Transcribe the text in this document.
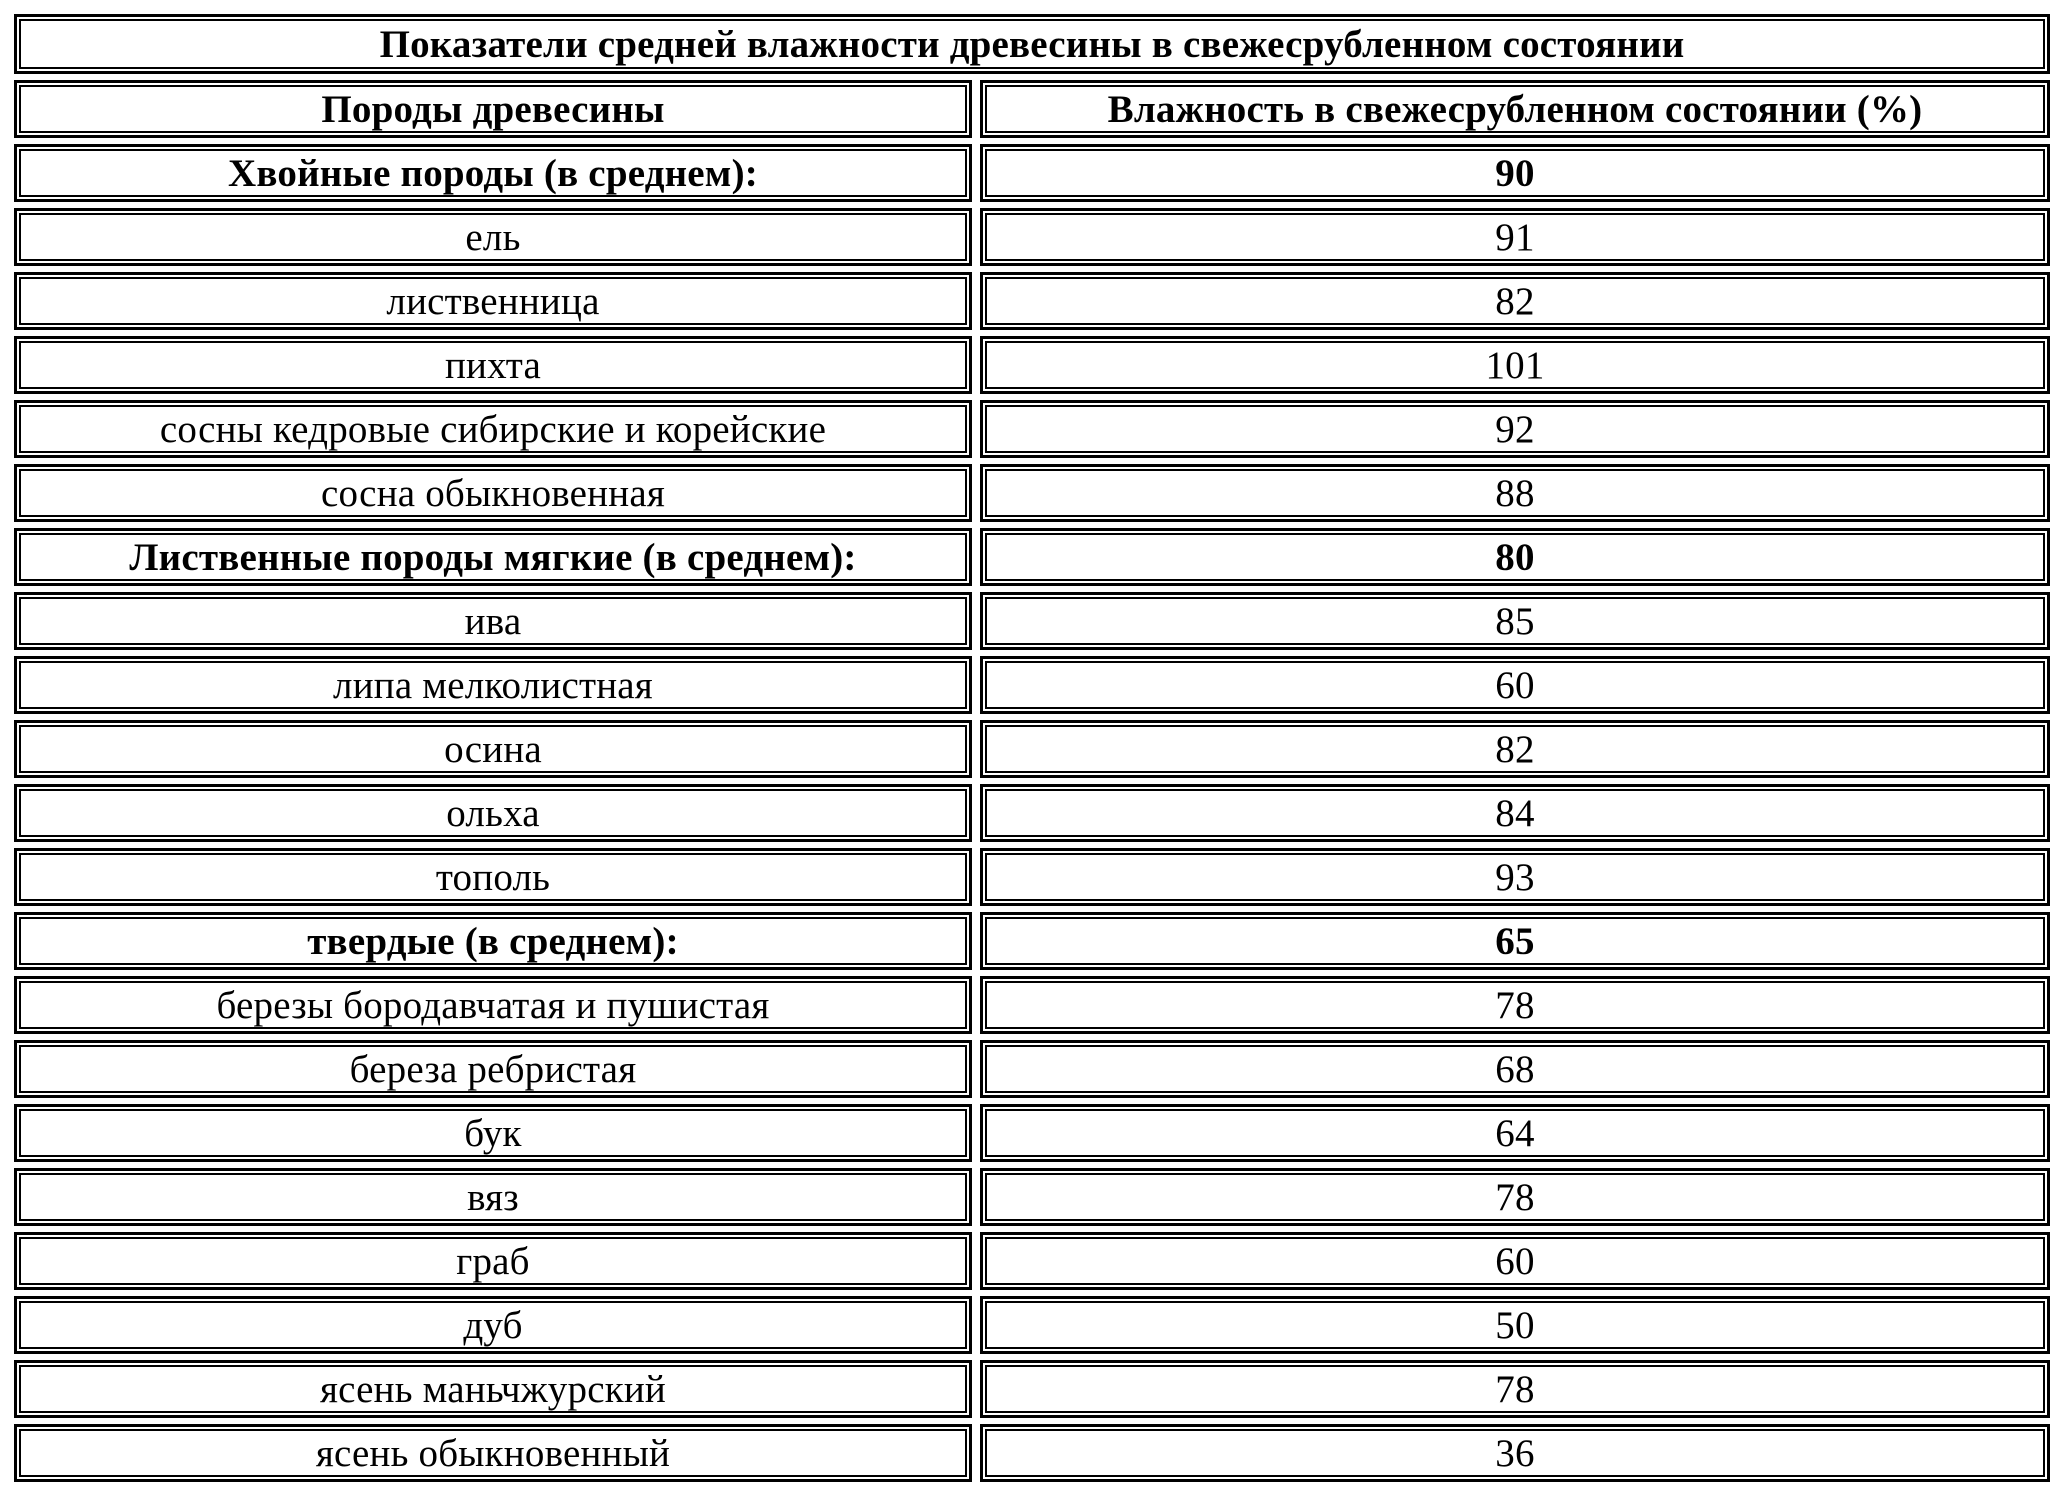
Показатели средней влажности древесины в свежесрубленном состоянии
Породы древесины	Влажность в свежесрубленном состоянии (%)
Хвойные породы (в среднем):	90
ель	91
лиственница	82
пихта	101
сосны кедровые сибирские и корейские	92
сосна обыкновенная	88
Лиственные породы мягкие (в среднем):	80
ива	85
липа мелколистная	60
осина	82
ольха	84
тополь	93
твердые (в среднем):	65
березы бородавчатая и пушистая	78
береза ребристая	68
бук	64
вяз	78
граб	60
дуб	50
ясень маньчжурский	78
ясень обыкновенный	36
